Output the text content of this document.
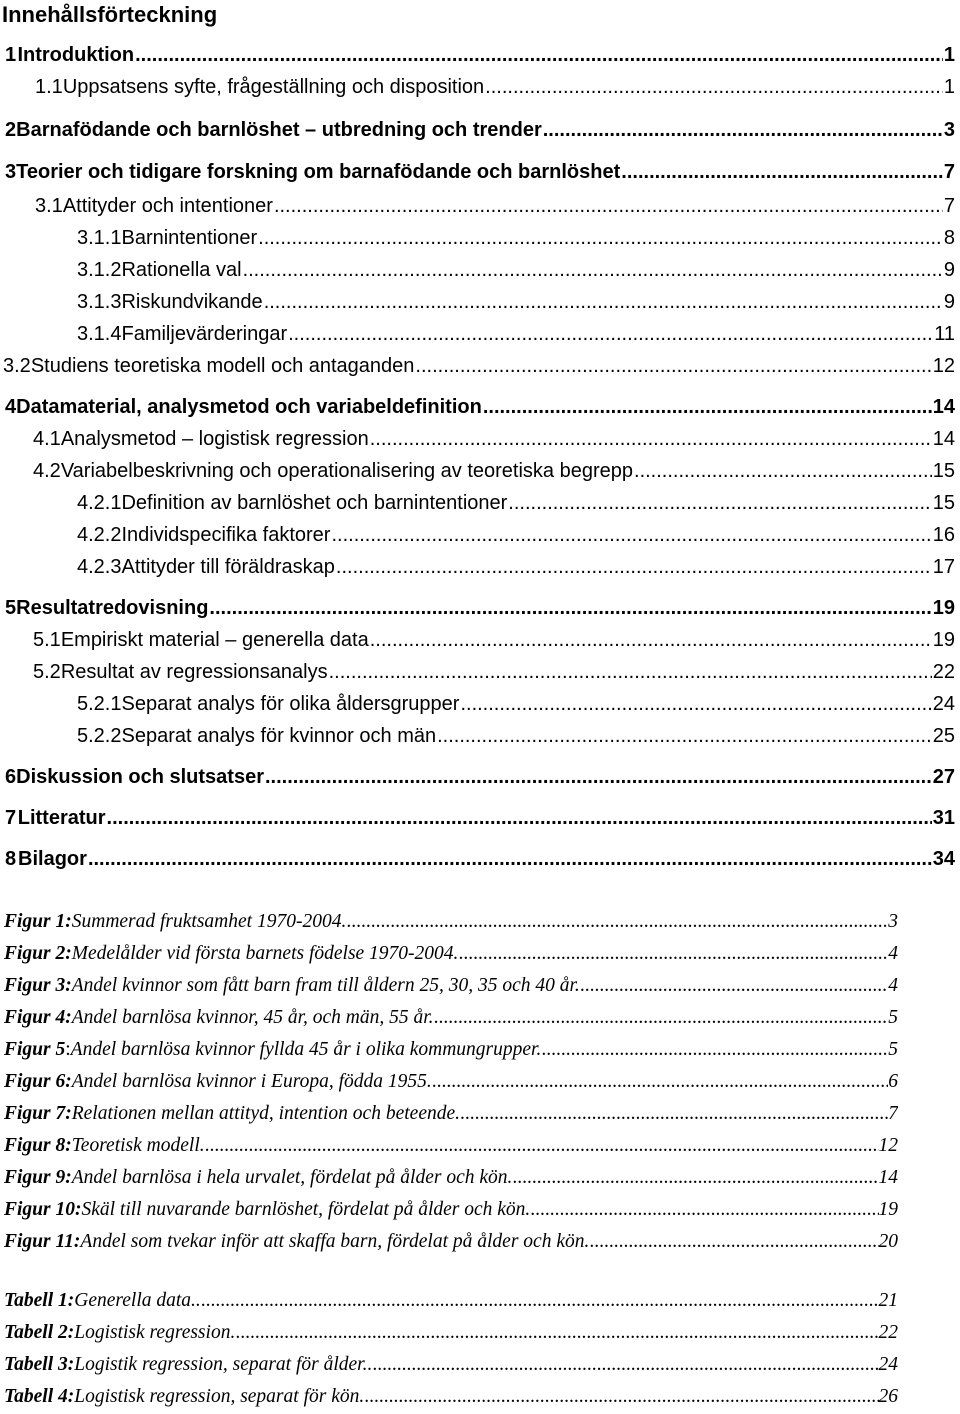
Innehållsförteckning
1 Introduktion .....	1
1.1 Uppsatsens syfte, frågeställning och disposition .....	1
2 Barnafödande och barnlöshet – utbredning och trender .....	3
3 Teorier och tidigare forskning om barnafödande och barnlöshet .....	7
3.1 Attityder och intentioner .....	7
3.1.1 Barnintentioner .....	8
3.1.2 Rationella val .....	9
3.1.3 Riskundvikande .....	9
3.1.4 Familjevärderingar .....	11
3.2 Studiens teoretiska modell och antaganden .....	12
4 Datamaterial, analysmetod och variabeldefinition .....	14
4.1 Analysmetod – logistisk regression .....	14
4.2 Variabelbeskrivning och operationalisering av teoretiska begrepp .....	15
4.2.1 Definition av barnlöshet och barnintentioner .....	15
4.2.2 Individspecifika faktorer .....	16
4.2.3 Attityder till föräldraskap .....	17
5 Resultatredovisning .....	19
5.1 Empiriskt material – generella data .....	19
5.2 Resultat av regressionsanalys .....	22
5.2.1 Separat analys för olika åldersgrupper .....	24
5.2.2 Separat analys för kvinnor och män .....	25
6 Diskussion och slutsatser .....	27
7 Litteratur .....	31
8 Bilagor .....	34
Figur 1 : Summerad fruktsamhet 1970-2004. .....	3
Figur 2 : Medelålder vid första barnets födelse 1970-2004. .....	4
Figur 3 : Andel kvinnor som fått barn fram till åldern 25, 30, 35 och 40 år. .....	4
Figur 4 : Andel barnlösa kvinnor, 45 år, och män, 55 år. .....	5
Figur 5 : Andel barnlösa kvinnor fyllda 45 år i olika kommungrupper. .....	5
Figur 6 : Andel barnlösa kvinnor i Europa, födda 1955. .....	6
Figur 7 : Relationen mellan attityd, intention och beteende. .....	7
Figur 8 : Teoretisk modell. .....	12
Figur 9 : Andel barnlösa i hela urvalet, fördelat på ålder och kön. .....	14
Figur 10 : Skäl till nuvarande barnlöshet, fördelat på ålder och kön. .....	19
Figur 11 : Andel som tvekar inför att skaffa barn, fördelat på ålder och kön. .....	20
Tabell 1 : Generella data.. .....	21
Tabell 2 : Logistisk regression. .....	22
Tabell 3 : Logistik regression, separat för ålder.. .....	24
Tabell 4 : Logistisk regression, separat för kön. .....	26
